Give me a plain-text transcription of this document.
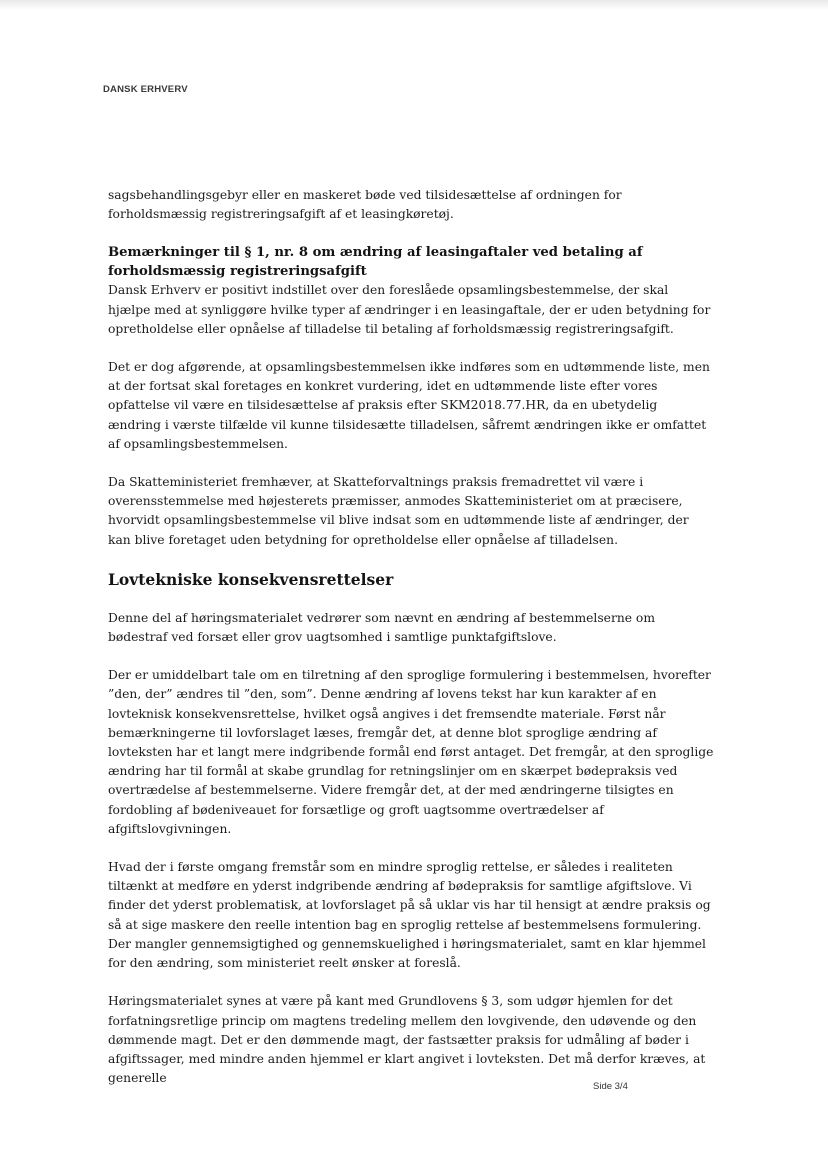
DANSK ERHVERV

sagsbehandlingsgebyr eller en maskeret bøde ved tilsidesættelse af ordningen for forholdsmæssig registreringsafgift af et leasingkøretøj.

Bemærkninger til § 1, nr. 8 om ændring af leasingaftaler ved betaling af forholdsmæssig registreringsafgift

Dansk Erhverv er positivt indstillet over den foreslåede opsamlingsbestemmelse, der skal hjælpe med at synliggøre hvilke typer af ændringer i en leasingaftale, der er uden betydning for opretholdelse eller opnåelse af tilladelse til betaling af forholdsmæssig registreringsafgift.

Det er dog afgørende, at opsamlingsbestemmelsen ikke indføres som en udtømmende liste, men at der fortsat skal foretages en konkret vurdering, idet en udtømmende liste efter vores opfattelse vil være en tilsidesættelse af praksis efter SKM2018.77.HR, da en ubetydelig ændring i værste tilfælde vil kunne tilsidesætte tilladelsen, såfremt ændringen ikke er omfattet af opsamlingsbestemmelsen.

Da Skatteministeriet fremhæver, at Skatteforvaltnings praksis fremadrettet vil være i overensstemmelse med højesterets præmisser, anmodes Skatteministeriet om at præcisere, hvorvidt opsamlingsbestemmelse vil blive indsat som en udtømmende liste af ændringer, der kan blive foretaget uden betydning for opretholdelse eller opnåelse af tilladelsen.

Lovtekniske konsekvensrettelser

Denne del af høringsmaterialet vedrører som nævnt en ændring af bestemmelserne om bødestraf ved forsæt eller grov uagtsomhed i samtlige punktafgiftslove.

Der er umiddelbart tale om en tilretning af den sproglige formulering i bestemmelsen, hvorefter ”den, der” ændres til ”den, som”. Denne ændring af lovens tekst har kun karakter af en lovteknisk konsekvensrettelse, hvilket også angives i det fremsendte materiale. Først når bemærkningerne til lovforslaget læses, fremgår det, at denne blot sproglige ændring af lovteksten har et langt mere indgribende formål end først antaget. Det fremgår, at den sproglige ændring har til formål at skabe grundlag for retningslinjer om en skærpet bødepraksis ved overtrædelse af bestemmelserne. Videre fremgår det, at der med ændringerne tilsigtes en fordobling af bødeniveauet for forsætlige og groft uagtsomme overtrædelser af afgiftslovgivningen.

Hvad der i første omgang fremstår som en mindre sproglig rettelse, er således i realiteten tiltænkt at medføre en yderst indgribende ændring af bødepraksis for samtlige afgiftslove. Vi finder det yderst problematisk, at lovforslaget på så uklar vis har til hensigt at ændre praksis og så at sige maskere den reelle intention bag en sproglig rettelse af bestemmelsens formulering. Der mangler gennemsigtighed og gennemskuelighed i høringsmaterialet, samt en klar hjemmel for den ændring, som ministeriet reelt ønsker at foreslå.

Høringsmaterialet synes at være på kant med Grundlovens § 3, som udgør hjemlen for det forfatningsretlige princip om magtens tredeling mellem den lovgivende, den udøvende og den dømmende magt. Det er den dømmende magt, der fastsætter praksis for udmåling af bøder i afgiftssager, med mindre anden hjemmel er klart angivet i lovteksten. Det må derfor kræves, at generelle

Side 3/4
